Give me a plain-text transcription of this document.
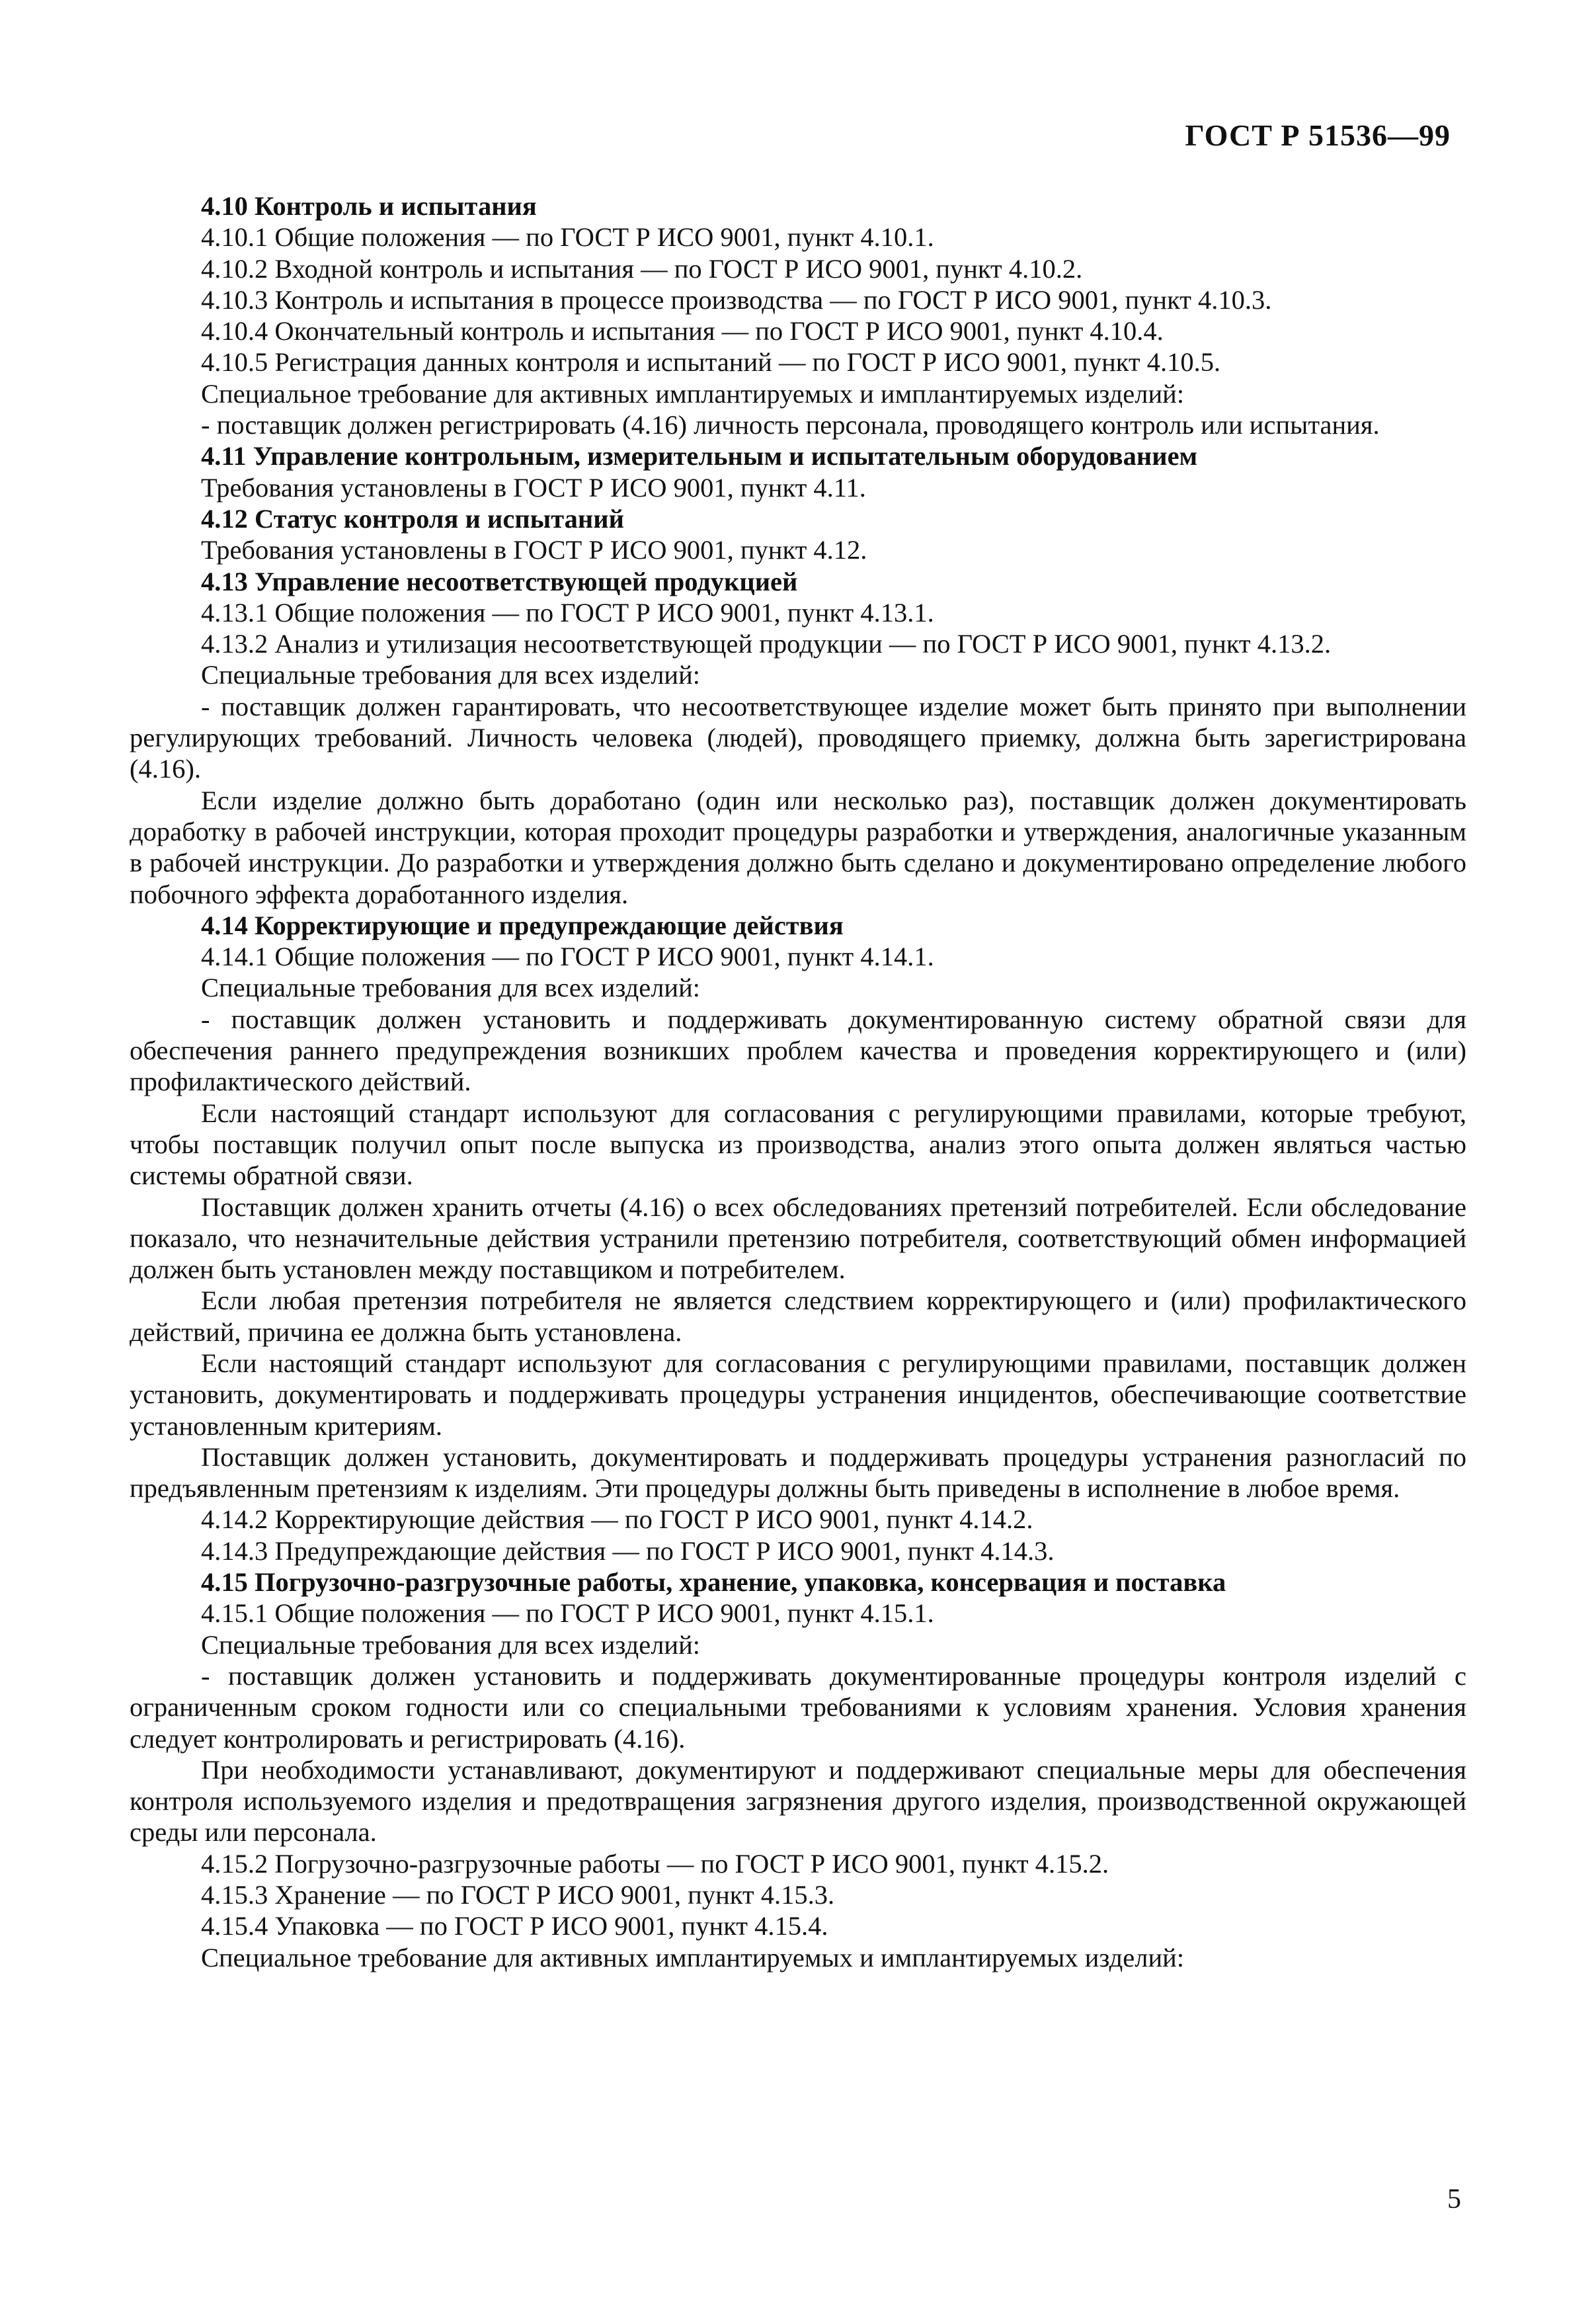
ГОСТ Р 51536—99

4.10 Контроль и испытания

4.10.1 Общие положения — по ГОСТ Р ИСО 9001, пункт 4.10.1.

4.10.2 Входной контроль и испытания — по ГОСТ Р ИСО 9001, пункт 4.10.2.

4.10.3 Контроль и испытания в процессе производства — по ГОСТ Р ИСО 9001, пункт 4.10.3.

4.10.4 Окончательный контроль и испытания — по ГОСТ Р ИСО 9001, пункт 4.10.4.

4.10.5 Регистрация данных контроля и испытаний — по ГОСТ Р ИСО 9001, пункт 4.10.5.

Специальное требование для активных имплантируемых и имплантируемых изделий:

- поставщик должен регистрировать (4.16) личность персонала, проводящего контроль или испытания.

4.11 Управление контрольным, измерительным и испытательным оборудованием

Требования установлены в ГОСТ Р ИСО 9001, пункт 4.11.

4.12 Статус контроля и испытаний

Требования установлены в ГОСТ Р ИСО 9001, пункт 4.12.

4.13 Управление несоответствующей продукцией

4.13.1 Общие положения — по ГОСТ Р ИСО 9001, пункт 4.13.1.

4.13.2 Анализ и утилизация несоответствующей продукции — по ГОСТ Р ИСО 9001, пункт 4.13.2.

Специальные требования для всех изделий:

- поставщик должен гарантировать, что несоответствующее изделие может быть принято при выполнении регулирующих требований. Личность человека (людей), проводящего приемку, должна быть зарегистрирована (4.16).

Если изделие должно быть доработано (один или несколько раз), поставщик должен документировать доработку в рабочей инструкции, которая проходит процедуры разработки и утверждения, аналогичные указанным в рабочей инструкции. До разработки и утверждения должно быть сделано и документировано определение любого побочного эффекта доработанного изделия.

4.14 Корректирующие и предупреждающие действия

4.14.1 Общие положения — по ГОСТ Р ИСО 9001, пункт 4.14.1.

Специальные требования для всех изделий:

- поставщик должен установить и поддерживать документированную систему обратной связи для обеспечения раннего предупреждения возникших проблем качества и проведения корректирующего и (или) профилактического действий.

Если настоящий стандарт используют для согласования с регулирующими правилами, которые требуют, чтобы поставщик получил опыт после выпуска из производства, анализ этого опыта должен являться частью системы обратной связи.

Поставщик должен хранить отчеты (4.16) о всех обследованиях претензий потребителей. Если обследование показало, что незначительные действия устранили претензию потребителя, соответствующий обмен информацией должен быть установлен между поставщиком и потребителем.

Если любая претензия потребителя не является следствием корректирующего и (или) профилактического действий, причина ее должна быть установлена.

Если настоящий стандарт используют для согласования с регулирующими правилами, поставщик должен установить, документировать и поддерживать процедуры устранения инцидентов, обеспечивающие соответствие установленным критериям.

Поставщик должен установить, документировать и поддерживать процедуры устранения разногласий по предъявленным претензиям к изделиям. Эти процедуры должны быть приведены в исполнение в любое время.

4.14.2 Корректирующие действия — по ГОСТ Р ИСО 9001, пункт 4.14.2.

4.14.3 Предупреждающие действия — по ГОСТ Р ИСО 9001, пункт 4.14.3.

4.15 Погрузочно-разгрузочные работы, хранение, упаковка, консервация и поставка

4.15.1 Общие положения — по ГОСТ Р ИСО 9001, пункт 4.15.1.

Специальные требования для всех изделий:

- поставщик должен установить и поддерживать документированные процедуры контроля изделий с ограниченным сроком годности или со специальными требованиями к условиям хранения. Условия хранения следует контролировать и регистрировать (4.16).

При необходимости устанавливают, документируют и поддерживают специальные меры для обеспечения контроля используемого изделия и предотвращения загрязнения другого изделия, производственной окружающей среды или персонала.

4.15.2 Погрузочно-разгрузочные работы — по ГОСТ Р ИСО 9001, пункт 4.15.2.

4.15.3 Хранение — по ГОСТ Р ИСО 9001, пункт 4.15.3.

4.15.4 Упаковка — по ГОСТ Р ИСО 9001, пункт 4.15.4.

Специальное требование для активных имплантируемых и имплантируемых изделий:

5
